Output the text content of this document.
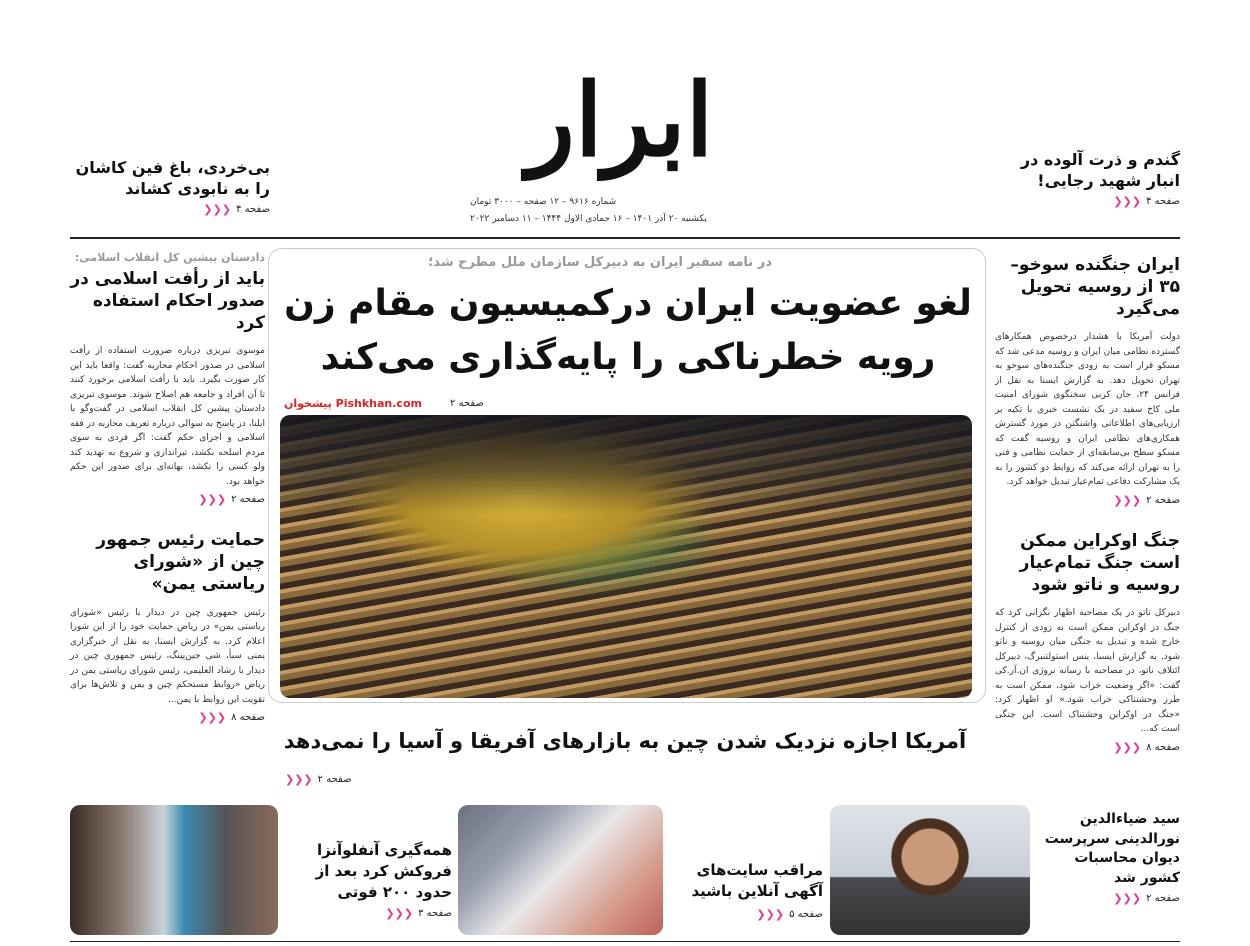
ابرار
شماره ۹۶۱۶ – ۱۲ صفحه – ۳۰۰۰ تومان
یکشنبه ۲۰ آذر ۱۴۰۱ – ۱۶ جمادی الاول ۱۴۴۴ – ۱۱ دسامبر ۲۰۲۲
گندم و ذرت آلوده در انبار شهید رجایی!
صفحه ۴
❮❮❮
بی‌خردی، باغ فین کاشان را به نابودی کشاند
صفحه ۴
❮❮❮
در نامه سفیر ایران به دبیرکل سازمان ملل مطرح شد؛
لغو عضویت ایران درکمیسیون مقام زن
رویه خطرناکی را پایه‌گذاری می‌کند
پیشخوان Pishkhan.com	صفحه ۲
آمریکا اجازه نزدیک شدن چین به بازارهای آفریقا و آسیا را نمی‌دهد
صفحه ۲
❮❮❮
ایران جنگنده سوخو–۳۵ از روسیه تحویل می‌گیرد
دولت آمریکا با هشدار درخصوص همکارهای گسترده نظامی میان ایران و روسیه مدعی شد که مسکو قرار است به زودی جنگنده‌های سوخو به تهران تحویل دهد. به گزارش ایسنا به نقل از فرانس ۲۴، جان کربی سخنگوی شورای امنیت ملی کاخ سفید در یک نشست خبری با تکیه بر ارزیابی‌های اطلاعاتی واشنگتن در مورد گسترش همکاری‌های نظامی ایران و روسیه گفت که مسکو سطح بی‌سابقه‌ای از حمایت نظامی و فنی را به تهران ارائه می‌کند که روابط دو کشور را به یک مشارکت دفاعی تمام‌عیار تبدیل خواهد کرد.
صفحه ۲
❮❮❮
جنگ اوکراین ممکن است جنگ تمام‌عیار روسیه و ناتو شود
دبیرکل ناتو در یک مصاحبه اظهار نگرانی کرد که جنگ در اوکراین ممکن است به زودی از کنترل خارج شده و تبدیل به جنگی میان روسیه و ناتو شود. به گزارش ایسنا، ینس استولتنبرگ، دبیرکل ائتلاف ناتو، در مصاحبه با رسانه نروژی ان.آر.کی گفت: «اگر وضعیت خراب شود، ممکن است به طرز وحشتناکی خراب شود.» او اظهار کرد: «جنگ در اوکراین وحشتناک است. این جنگی است که...
صفحه ۸
❮❮❮
دادستان پیشین کل انقلاب اسلامی:
باید از رأفت اسلامی در صدور احکام استفاده کرد
موسوی تبریزی درباره ضرورت استفاده از رأفت اسلامی در صدور احکام محاربه گفت: واقعا باید این کار صورت بگیرد. باید با رأفت اسلامی برخورد کنند تا آن افراد و جامعه هم اصلاح شوند. موسوی تبریزی دادستان پیشین کل انقلاب اسلامی در گفت‌وگو با ایلنا، در پاسخ به سوالی درباره تعریف محاربه در فقه اسلامی و اجرای حکم گفت: اگر فردی به سوی مردم اسلحه بکشد، تیراندازی و شروع به تهدید کند ولو کسی را نکشد، بهانه‌ای برای صدور این حکم خواهد بود.
صفحه ۲
❮❮❮
حمایت رئیس جمهور چین از «شورای ریاستی یمن»
رئیس جمهوری چین در دیدار با رئیس «شورای ریاستی یمن» در ریاض حمایت خود را از این شورا اعلام کرد. به گزارش ایسنا، به نقل از خبرگزاری یمنی سبأ، شی جین‌پینگ، رئیس جمهوری چین در دیدار با رشاد العلیمی، رئیس شورای ریاستی یمن در ریاض «روابط مستحکم چین و یمن و تلاش‌ها برای تقویت این روابط با یمن...
صفحه ۸
❮❮❮
سید ضیاءالدین نورالدینی سرپرست دیوان محاسبات کشور شد
صفحه ۲
❮❮❮
مراقب سایت‌های آگهی آنلاین باشید
صفحه ۵
❮❮❮
همه‌گیری آنفلوآنزا فروکش کرد بعد از حدود ۲۰۰ فوتی
صفحه ۳
❮❮❮
